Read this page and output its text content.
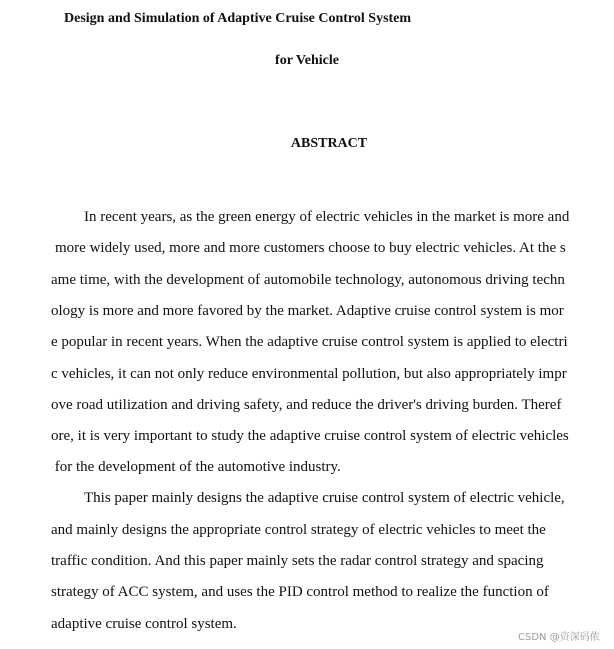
Design and Simulation of Adaptive Cruise Control System
for Vehicle
ABSTRACT
In recent years, as the green energy of electric vehicles in the market is more and
more widely used, more and more customers choose to buy electric vehicles. At the s
ame time, with the development of automobile technology, autonomous driving techn
ology is more and more favored by the market. Adaptive cruise control system is mor
e popular in recent years. When the adaptive cruise control system is applied to electri
c vehicles, it can not only reduce environmental pollution, but also appropriately impr
ove road utilization and driving safety, and reduce the driver's driving burden. Theref
ore, it is very important to study the adaptive cruise control system of electric vehicles
for the development of the automotive industry.
This paper mainly designs the adaptive cruise control system of electric vehicle,
and mainly designs the appropriate control strategy of electric vehicles to meet the
traffic condition. And this paper mainly sets the radar control strategy and spacing
strategy of ACC system, and uses the PID control method to realize the function of
adaptive cruise control system.
CSDN @资深码侬
